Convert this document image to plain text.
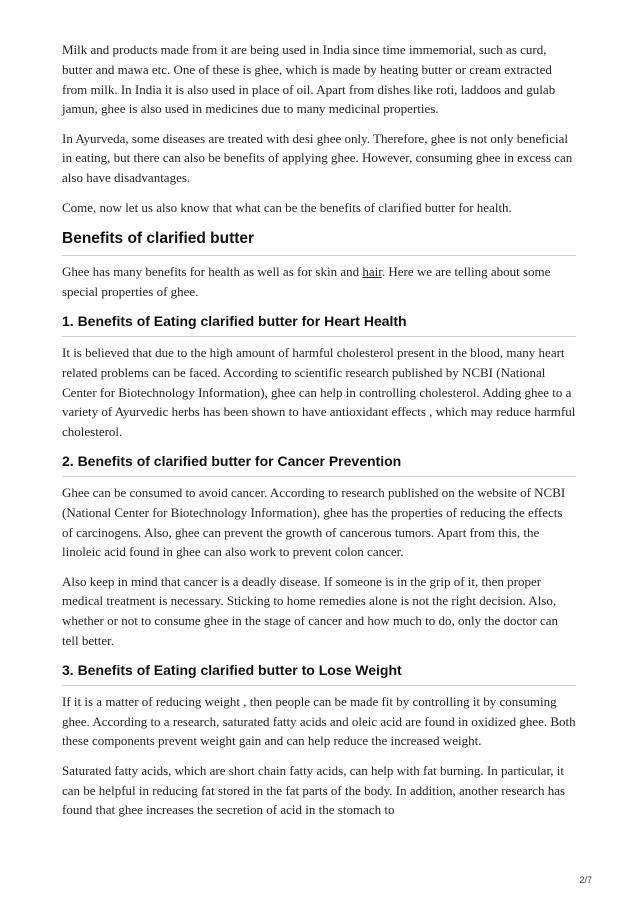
Milk and products made from it are being used in India since time immemorial, such as curd, butter and mawa etc. One of these is ghee, which is made by heating butter or cream extracted from milk. In India it is also used in place of oil. Apart from dishes like roti, laddoos and gulab jamun, ghee is also used in medicines due to many medicinal properties.

In Ayurveda, some diseases are treated with desi ghee only. Therefore, ghee is not only beneficial in eating, but there can also be benefits of applying ghee. However, consuming ghee in excess can also have disadvantages.

Come, now let us also know that what can be the benefits of clarified butter for health.

Benefits of clarified butter

Ghee has many benefits for health as well as for skin and hair. Here we are telling about some special properties of ghee.

1. Benefits of Eating clarified butter for Heart Health

It is believed that due to the high amount of harmful cholesterol present in the blood, many heart related problems can be faced. According to scientific research published by NCBI (National Center for Biotechnology Information), ghee can help in controlling cholesterol. Adding ghee to a variety of Ayurvedic herbs has been shown to have antioxidant effects , which may reduce harmful cholesterol.

2. Benefits of clarified butter for Cancer Prevention

Ghee can be consumed to avoid cancer. According to research published on the website of NCBI (National Center for Biotechnology Information), ghee has the properties of reducing the effects of carcinogens. Also, ghee can prevent the growth of cancerous tumors. Apart from this, the linoleic acid found in ghee can also work to prevent colon cancer.

Also keep in mind that cancer is a deadly disease. If someone is in the grip of it, then proper medical treatment is necessary. Sticking to home remedies alone is not the right decision. Also, whether or not to consume ghee in the stage of cancer and how much to do, only the doctor can tell better.

3. Benefits of Eating clarified butter to Lose Weight

If it is a matter of reducing weight , then people can be made fit by controlling it by consuming ghee. According to a research, saturated fatty acids and oleic acid are found in oxidized ghee. Both these components prevent weight gain and can help reduce the increased weight.

Saturated fatty acids, which are short chain fatty acids, can help with fat burning. In particular, it can be helpful in reducing fat stored in the fat parts of the body. In addition, another research has found that ghee increases the secretion of acid in the stomach to

2/7
